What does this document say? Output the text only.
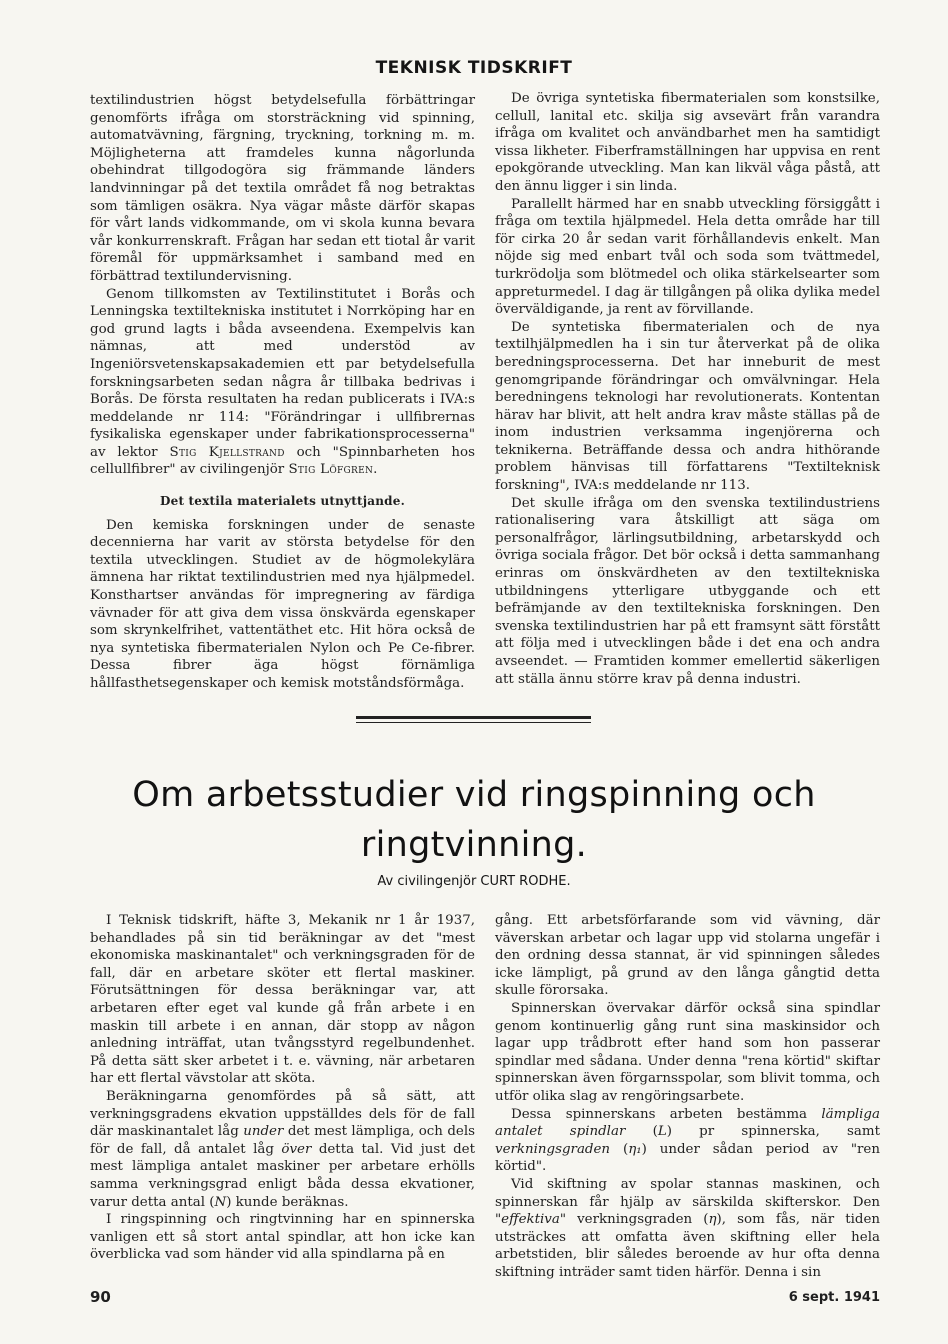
TEKNISK TIDSKRIFT

textilindustrien högst betydelsefulla förbättringar genomförts ifråga om storsträckning vid spinning, automatvävning, färgning, tryckning, torkning m. m. Möjligheterna att framdeles kunna någorlunda obehindrat tillgodogöra sig främmande länders landvinningar på det textila området få nog betraktas som tämligen osäkra. Nya vägar måste därför skapas för vårt lands vidkommande, om vi skola kunna bevara vår konkurrenskraft. Frågan har sedan ett tiotal år varit föremål för uppmärksamhet i samband med en förbättrad textilundervisning.

Genom tillkomsten av Textilinstitutet i Borås och Lenningska textiltekniska institutet i Norrköping har en god grund lagts i båda avseendena. Exempelvis kan nämnas, att med understöd av Ingeniörsvetenskapsakademien ett par betydelsefulla forskningsarbeten sedan några år tillbaka bedrivas i Borås. De första resultaten ha redan publicerats i IVA:s meddelande nr 114: "Förändringar i ullfibrernas fysikaliska egenskaper under fabrikationsprocesserna" av lektor Stig Kjellstrand och "Spinnbarheten hos cellullfibrer" av civilingenjör Stig Löfgren.

Det textila materialets utnyttjande.

Den kemiska forskningen under de senaste decennierna har varit av största betydelse för den textila utvecklingen. Studiet av de högmolekylära ämnena har riktat textilindustrien med nya hjälpmedel. Konsthartser användas för impregnering av färdiga vävnader för att giva dem vissa önskvärda egenskaper som skrynkelfrihet, vattentäthet etc. Hit höra också de nya syntetiska fibermaterialen Nylon och Pe Ce-fibrer. Dessa fibrer äga högst förnämliga hållfasthetsegenskaper och kemisk motståndsförmåga.

De övriga syntetiska fibermaterialen som konstsilke, cellull, lanital etc. skilja sig avsevärt från varandra ifråga om kvalitet och användbarhet men ha samtidigt vissa likheter. Fiberframställningen har uppvisa en rent epokgörande utveckling. Man kan likväl våga påstå, att den ännu ligger i sin linda.

Parallellt härmed har en snabb utveckling försiggått i fråga om textila hjälpmedel. Hela detta område har till för cirka 20 år sedan varit förhållandevis enkelt. Man nöjde sig med enbart tvål och soda som tvättmedel, turkrödolja som blötmedel och olika stärkelsearter som appreturmedel. I dag är tillgången på olika dylika medel överväldigande, ja rent av förvillande.

De syntetiska fibermaterialen och de nya textilhjälpmedlen ha i sin tur återverkat på de olika beredningsprocesserna. Det har inneburit de mest genomgripande förändringar och omvälvningar. Hela beredningens teknologi har revolutionerats. Kontentan härav har blivit, att helt andra krav måste ställas på de inom industrien verksamma ingenjörerna och teknikerna. Beträffande dessa och andra hithörande problem hänvisas till författarens "Textilteknisk forskning", IVA:s meddelande nr 113.

Det skulle ifråga om den svenska textilindustriens rationalisering vara åtskilligt att säga om personalfrågor, lärlingsutbildning, arbetarskydd och övriga sociala frågor. Det bör också i detta sammanhang erinras om önskvärdheten av den textiltekniska utbildningens ytterligare utbyggande och ett befrämjande av den textiltekniska forskningen. Den svenska textilindustrien har på ett framsynt sätt förstått att följa med i utvecklingen både i det ena och andra avseendet. — Framtiden kommer emellertid säkerligen att ställa ännu större krav på denna industri.

Om arbetsstudier vid ringspinning och ringtvinning.
Av civilingenjör CURT RODHE.

I Teknisk tidskrift, häfte 3, Mekanik nr 1 år 1937, behandlades på sin tid beräkningar av det "mest ekonomiska maskinantalet" och verkningsgraden för de fall, där en arbetare sköter ett flertal maskiner. Förutsättningen för dessa beräkningar var, att arbetaren efter eget val kunde gå från arbete i en maskin till arbete i en annan, där stopp av någon anledning inträffat, utan tvångsstyrd regelbundenhet. På detta sätt sker arbetet i t. e. vävning, när arbetaren har ett flertal vävstolar att sköta.

Beräkningarna genomfördes på så sätt, att verkningsgradens ekvation uppställdes dels för de fall där maskinantalet låg under det mest lämpliga, och dels för de fall, då antalet låg över detta tal. Vid just det mest lämpliga antalet maskiner per arbetare erhölls samma verkningsgrad enligt båda dessa ekvationer, varur detta antal (N) kunde beräknas.

I ringspinning och ringtvinning har en spinnerska vanligen ett så stort antal spindlar, att hon icke kan överblicka vad som händer vid alla spindlarna på en

gång. Ett arbetsförfarande som vid vävning, där väverskan arbetar och lagar upp vid stolarna ungefär i den ordning dessa stannat, är vid spinningen således icke lämpligt, på grund av den långa gångtid detta skulle förorsaka.

Spinnerskan övervakar därför också sina spindlar genom kontinuerlig gång runt sina maskinsidor och lagar upp trådbrott efter hand som hon passerar spindlar med sådana. Under denna "rena körtid" skiftar spinnerskan även förgarnsspolar, som blivit tomma, och utför olika slag av rengöringsarbete.

Dessa spinnerskans arbeten bestämma lämpliga antalet spindlar (L) pr spinnerska, samt verkningsgraden (η₁) under sådan period av "ren körtid".

Vid skiftning av spolar stannas maskinen, och spinnerskan får hjälp av särskilda skifterskor. Den "effektiva" verkningsgraden (η), som fås, när tiden utsträckes att omfatta även skiftning eller hela arbetstiden, blir således beroende av hur ofta denna skiftning inträder samt tiden härför. Denna i sin

90	6 sept. 1941
